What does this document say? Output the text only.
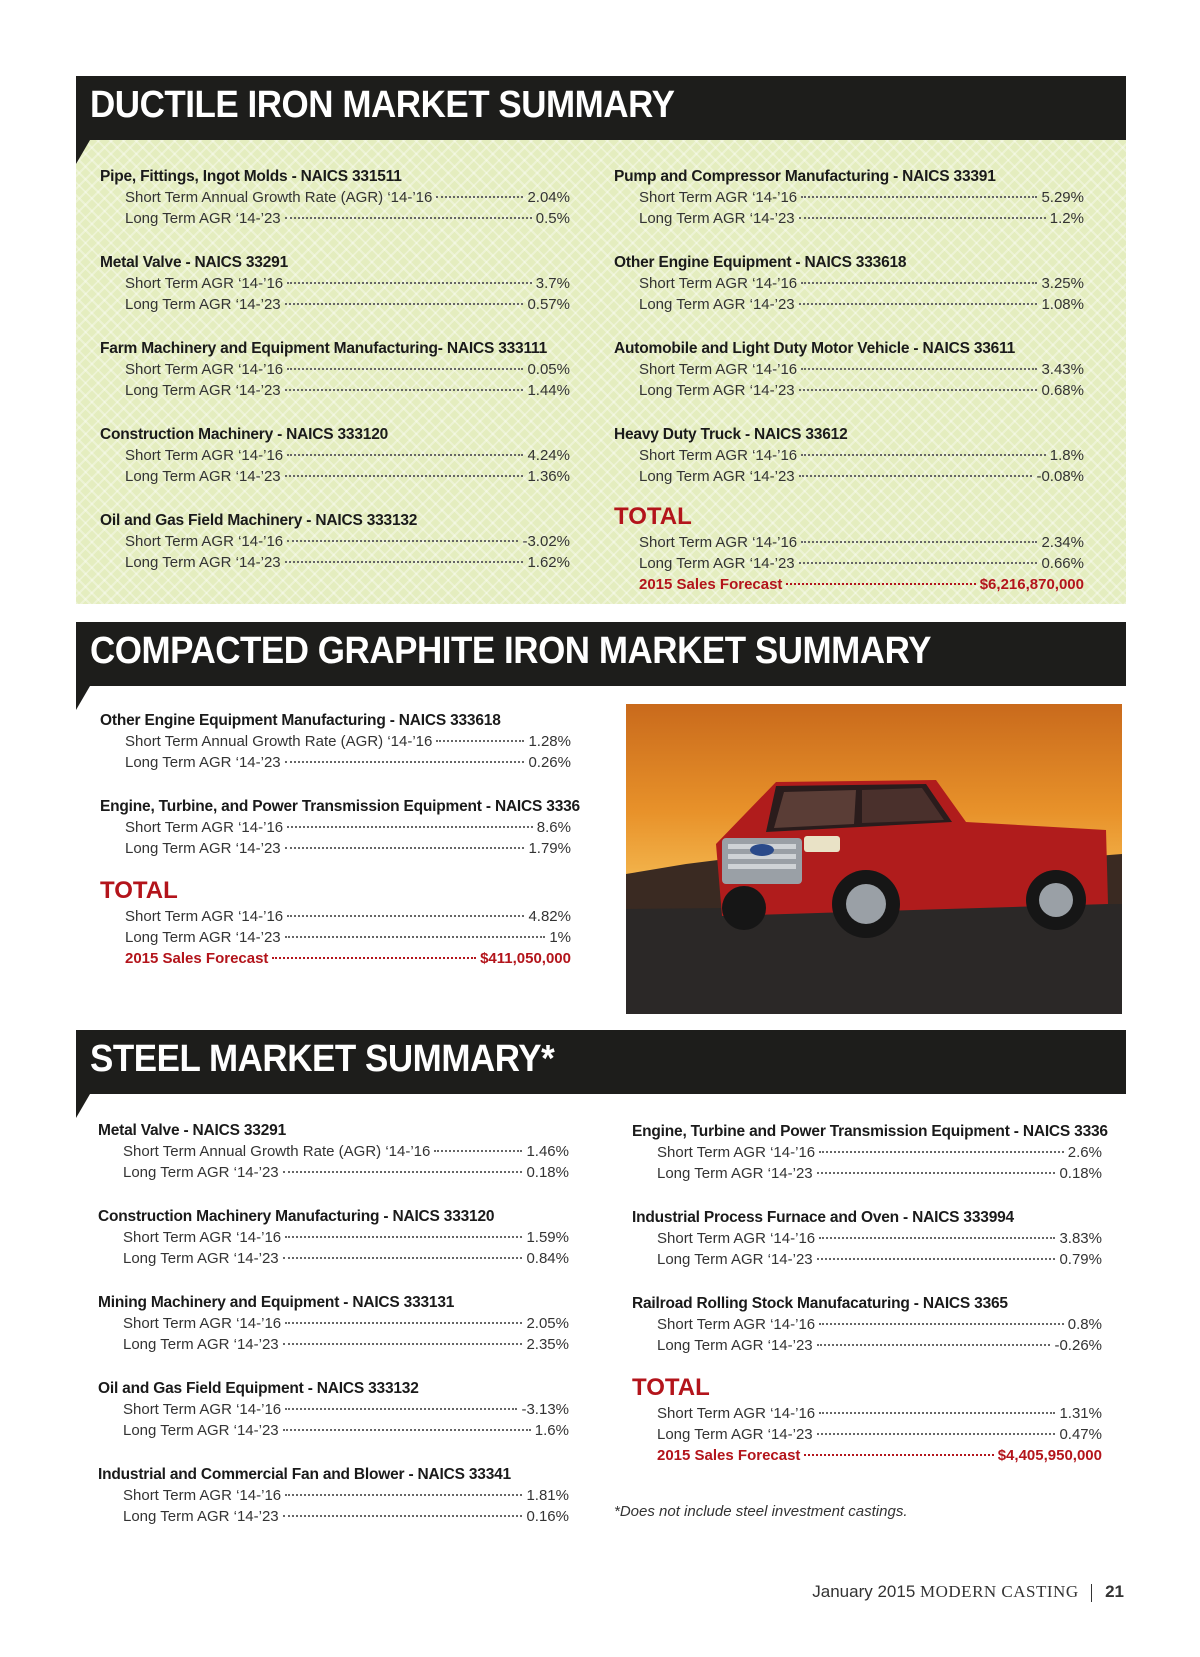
DUCTILE IRON MARKET SUMMARY
Pipe, Fittings, Ingot Molds - NAICS 331511
Short Term Annual Growth Rate (AGR) ‘14-’16	2.04%
Long Term AGR ‘14-’23	0.5%
Metal Valve - NAICS 33291
Short Term AGR ‘14-’16	3.7%
Long Term AGR ‘14-’23	0.57%
Farm Machinery and Equipment Manufacturing- NAICS 333111
Short Term AGR ‘14-’16	0.05%
Long Term AGR ‘14-’23	1.44%
Construction Machinery - NAICS 333120
Short Term AGR ‘14-’16	4.24%
Long Term AGR ‘14-’23	1.36%
Oil and Gas Field Machinery - NAICS 333132
Short Term AGR ‘14-’16	-3.02%
Long Term AGR ‘14-’23	1.62%
Pump and Compressor Manufacturing - NAICS 33391
Short Term AGR ‘14-’16	5.29%
Long Term AGR ‘14-’23	1.2%
Other Engine Equipment - NAICS 333618
Short Term AGR ‘14-’16	3.25%
Long Term AGR ‘14-’23	1.08%
Automobile and Light Duty Motor Vehicle - NAICS 33611
Short Term AGR ‘14-’16	3.43%
Long Term AGR ‘14-’23	0.68%
Heavy Duty Truck - NAICS 33612
Short Term AGR ‘14-’16	1.8%
Long Term AGR ‘14-’23	-0.08%
TOTAL
Short Term AGR ‘14-’16	2.34%
Long Term AGR ‘14-’23	0.66%
2015 Sales Forecast	$6,216,870,000
COMPACTED GRAPHITE IRON MARKET SUMMARY
Other Engine Equipment Manufacturing - NAICS 333618
Short Term Annual Growth Rate (AGR) ‘14-’16	1.28%
Long Term AGR ‘14-’23	0.26%
Engine, Turbine, and Power Transmission Equipment - NAICS 3336
Short Term AGR ‘14-’16	8.6%
Long Term AGR ‘14-’23	1.79%
TOTAL
Short Term AGR ‘14-’16	4.82%
Long Term AGR ‘14-’23	1%
2015 Sales Forecast	$411,050,000
STEEL MARKET SUMMARY*
Metal Valve - NAICS 33291
Short Term Annual Growth Rate (AGR) ‘14-’16	1.46%
Long Term AGR ‘14-’23	0.18%
Construction Machinery Manufacturing - NAICS 333120
Short Term AGR ‘14-’16	1.59%
Long Term AGR ‘14-’23	0.84%
Mining Machinery and Equipment - NAICS 333131
Short Term AGR ‘14-’16	2.05%
Long Term AGR ‘14-’23	2.35%
Oil and Gas Field Equipment - NAICS 333132
Short Term AGR ‘14-’16	-3.13%
Long Term AGR ‘14-’23	1.6%
Industrial and Commercial Fan and Blower - NAICS 33341
Short Term AGR ‘14-’16	1.81%
Long Term AGR ‘14-’23	0.16%
Engine, Turbine and Power Transmission Equipment - NAICS 3336
Short Term AGR ‘14-’16	2.6%
Long Term AGR ‘14-’23	0.18%
Industrial Process Furnace and Oven - NAICS 333994
Short Term AGR ‘14-’16	3.83%
Long Term AGR ‘14-’23	0.79%
Railroad Rolling Stock Manufacaturing - NAICS 3365
Short Term AGR ‘14-’16	0.8%
Long Term AGR ‘14-’23	-0.26%
TOTAL
Short Term AGR ‘14-’16	1.31%
Long Term AGR ‘14-’23	0.47%
2015 Sales Forecast	$4,405,950,000
*Does not include steel investment castings.
January 2015 MODERN CASTING 21
